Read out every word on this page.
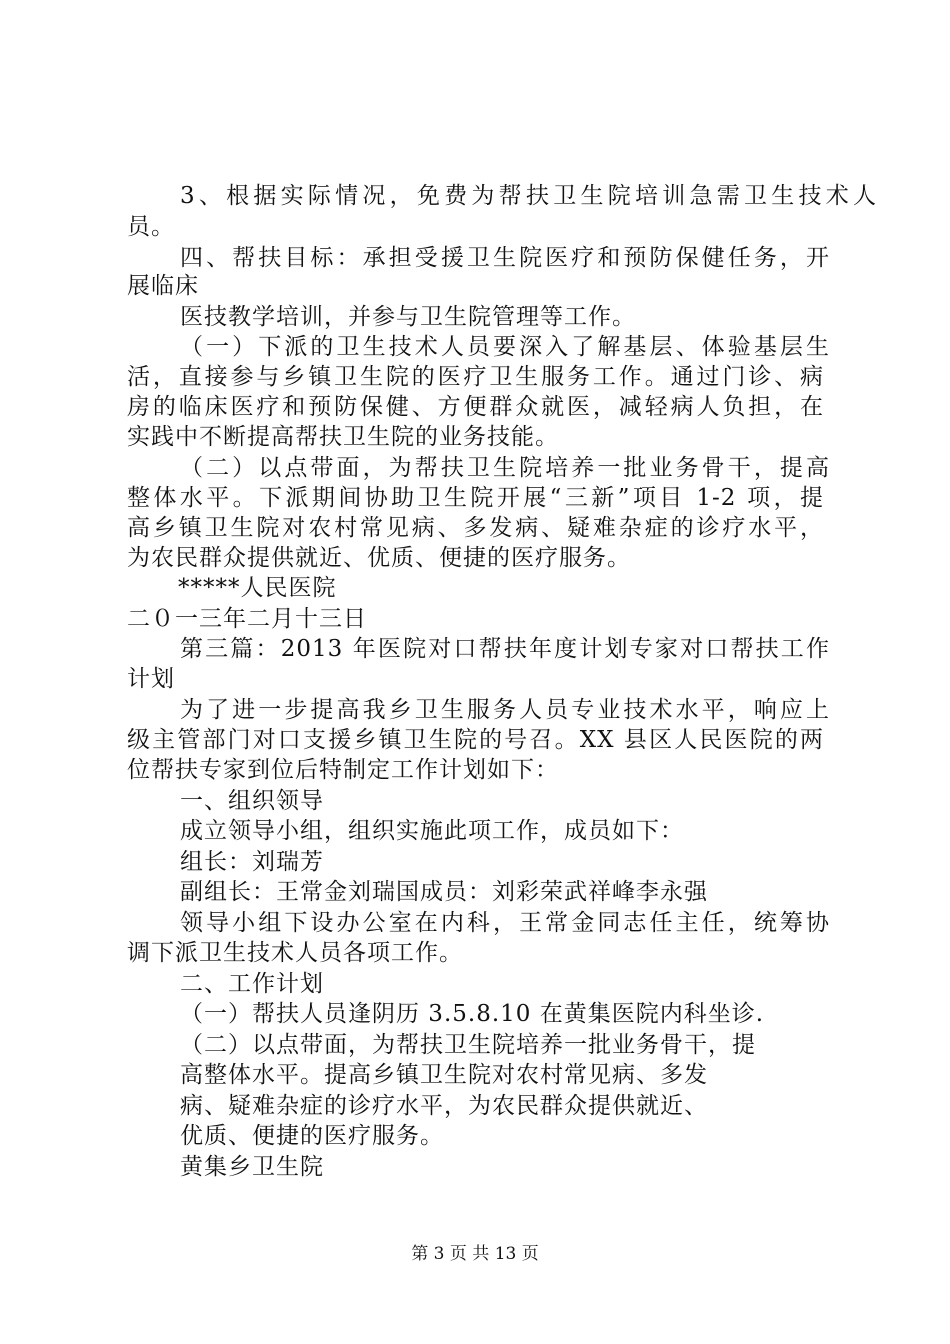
3、根据实际情况，免费为帮扶卫生院培训急需卫生技术人
员。
四、帮扶目标：承担受援卫生院医疗和预防保健任务，开
展临床
医技教学培训，并参与卫生院管理等工作。
（一）下派的卫生技术人员要深入了解基层、体验基层生
活，直接参与乡镇卫生院的医疗卫生服务工作。通过门诊、病
房的临床医疗和预防保健、方便群众就医，减轻病人负担，在
实践中不断提高帮扶卫生院的业务技能。
（二）以点带面，为帮扶卫生院培养一批业务骨干，提高
整体水平。下派期间协助卫生院开展“三新”项目 1-2 项，提
高乡镇卫生院对农村常见病、多发病、疑难杂症的诊疗水平，
为农民群众提供就近、优质、便捷的医疗服务。
*****人民医院
二０一三年二月十三日
第三篇：2013 年医院对口帮扶年度计划专家对口帮扶工作
计划
为了进一步提高我乡卫生服务人员专业技术水平，响应上
级主管部门对口支援乡镇卫生院的号召。XX 县区人民医院的两
位帮扶专家到位后特制定工作计划如下：
一、组织领导
成立领导小组，组织实施此项工作，成员如下：
组长：刘瑞芳
副组长：王常金刘瑞国成员：刘彩荣武祥峰李永强
领导小组下设办公室在内科，王常金同志任主任，统筹协
调下派卫生技术人员各项工作。
二、工作计划
（一）帮扶人员逢阴历 3.5.8.10 在黄集医院内科坐诊.
（二）以点带面，为帮扶卫生院培养一批业务骨干，提
高整体水平。提高乡镇卫生院对农村常见病、多发
病、疑难杂症的诊疗水平，为农民群众提供就近、
优质、便捷的医疗服务。
黄集乡卫生院
第 3 页 共 13 页
